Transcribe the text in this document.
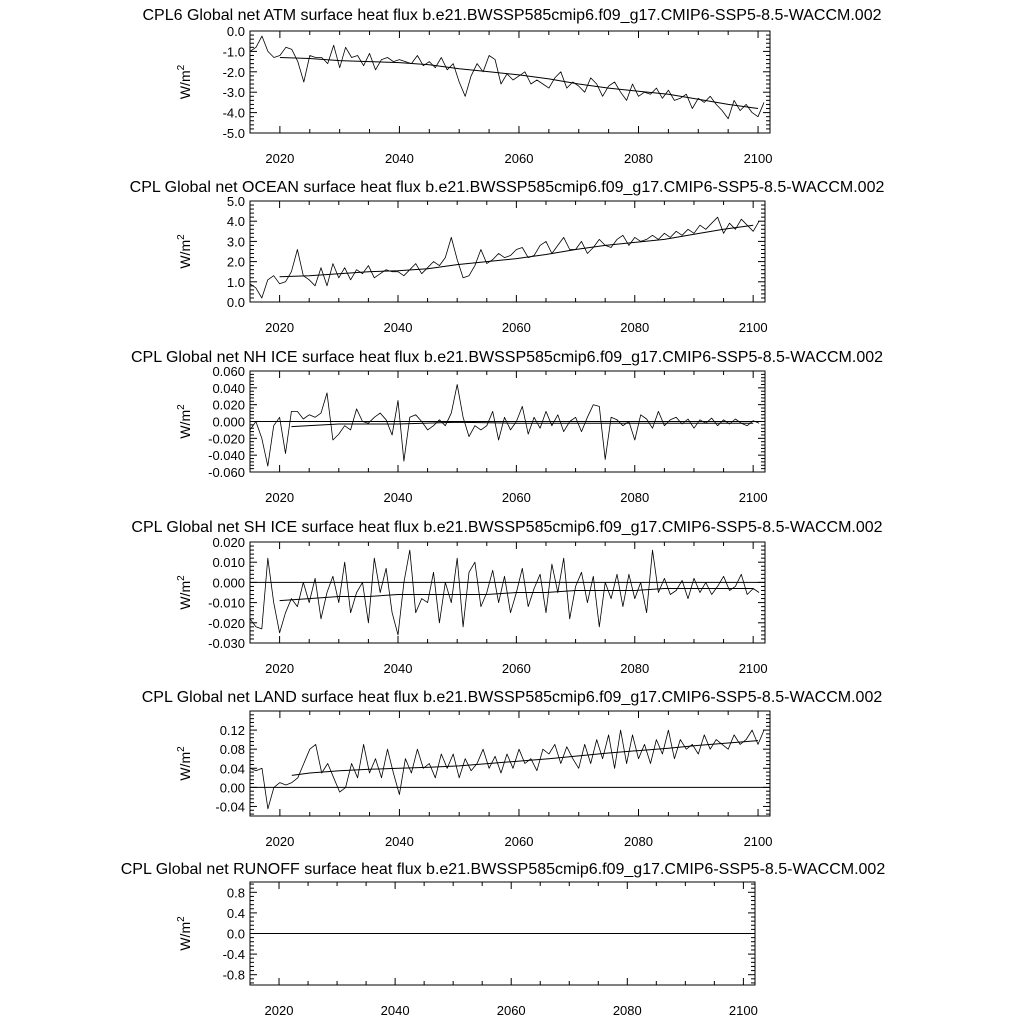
CPL6 Global net ATM surface heat flux b.e21.BWSSP585cmip6.f09_g17.CMIP6-SSP5-8.5-WACCM.002
2020	2040	2060	2080	2100
0.0
-1.0
-2.0
-3.0
-4.0
-5.0
$W/m^2$
CPL Global net OCEAN surface heat flux b.e21.BWSSP585cmip6.f09_g17.CMIP6-SSP5-8.5-WACCM.002
2020	2040	2060	2080	2100
5.0
4.0
3.0
2.0
1.0
0.0
$W/m^2$
CPL Global net NH ICE surface heat flux b.e21.BWSSP585cmip6.f09_g17.CMIP6-SSP5-8.5-WACCM.002
2020	2040	2060	2080	2100
0.060
0.040
0.020
0.000
-0.020
-0.040
-0.060
$W/m^2$
CPL Global net SH ICE surface heat flux b.e21.BWSSP585cmip6.f09_g17.CMIP6-SSP5-8.5-WACCM.002
2020	2040	2060	2080	2100
0.020
0.010
0.000
-0.010
-0.020
-0.030
$W/m^2$
CPL Global net LAND surface heat flux b.e21.BWSSP585cmip6.f09_g17.CMIP6-SSP5-8.5-WACCM.002
2020	2040	2060	2080	2100
0.12
0.08
0.04
0.00
-0.04
$W/m^2$
CPL Global net RUNOFF surface heat flux b.e21.BWSSP585cmip6.f09_g17.CMIP6-SSP5-8.5-WACCM.002
2020	2040	2060	2080	2100
0.8
0.4
0.0
-0.4
-0.8
$W/m^2$
